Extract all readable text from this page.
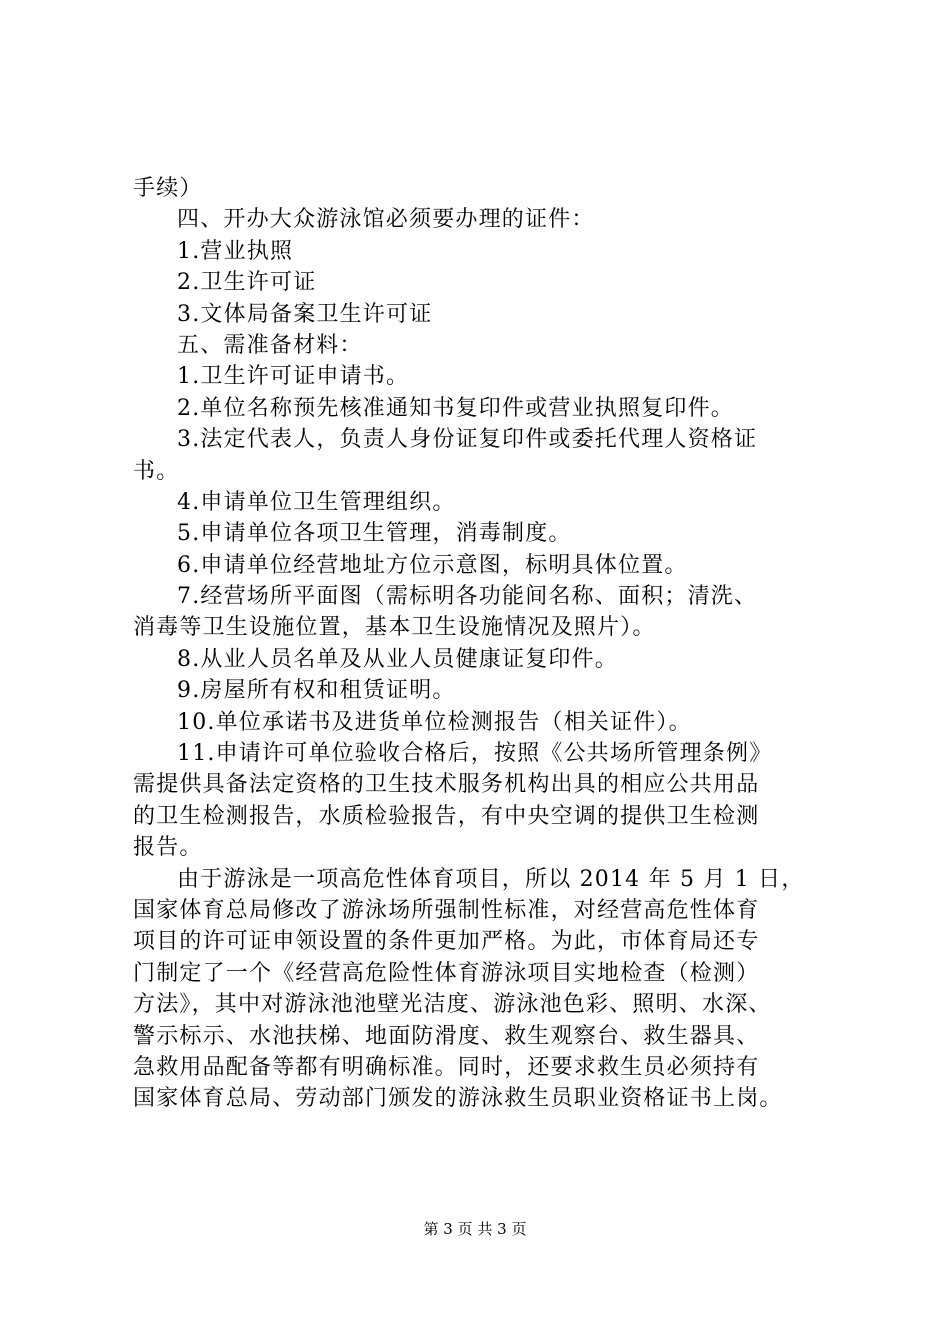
手续）
四、开办大众游泳馆必须要办理的证件：
1.营业执照
2.卫生许可证
3.文体局备案卫生许可证
五、需准备材料：
1.卫生许可证申请书。
2.单位名称预先核准通知书复印件或营业执照复印件。
3.法定代表人，负责人身份证复印件或委托代理人资格证
书。
4.申请单位卫生管理组织。
5.申请单位各项卫生管理，消毒制度。
6.申请单位经营地址方位示意图，标明具体位置。
7.经营场所平面图（需标明各功能间名称、面积；清洗、
消毒等卫生设施位置，基本卫生设施情况及照片）。
8.从业人员名单及从业人员健康证复印件。
9.房屋所有权和租赁证明。
10.单位承诺书及进货单位检测报告（相关证件）。
11.申请许可单位验收合格后，按照《公共场所管理条例》
需提供具备法定资格的卫生技术服务机构出具的相应公共用品
的卫生检测报告，水质检验报告，有中央空调的提供卫生检测
报告。
由于游泳是一项高危性体育项目，所以 2014 年 5 月 1 日，
国家体育总局修改了游泳场所强制性标准，对经营高危性体育
项目的许可证申领设置的条件更加严格。为此，市体育局还专
门制定了一个《经营高危险性体育游泳项目实地检查（检测）
方法》，其中对游泳池池壁光洁度、游泳池色彩、照明、水深、
警示标示、水池扶梯、地面防滑度、救生观察台、救生器具、
急救用品配备等都有明确标准。同时，还要求救生员必须持有
国家体育总局、劳动部门颁发的游泳救生员职业资格证书上岗。
第 3 页 共 3 页
